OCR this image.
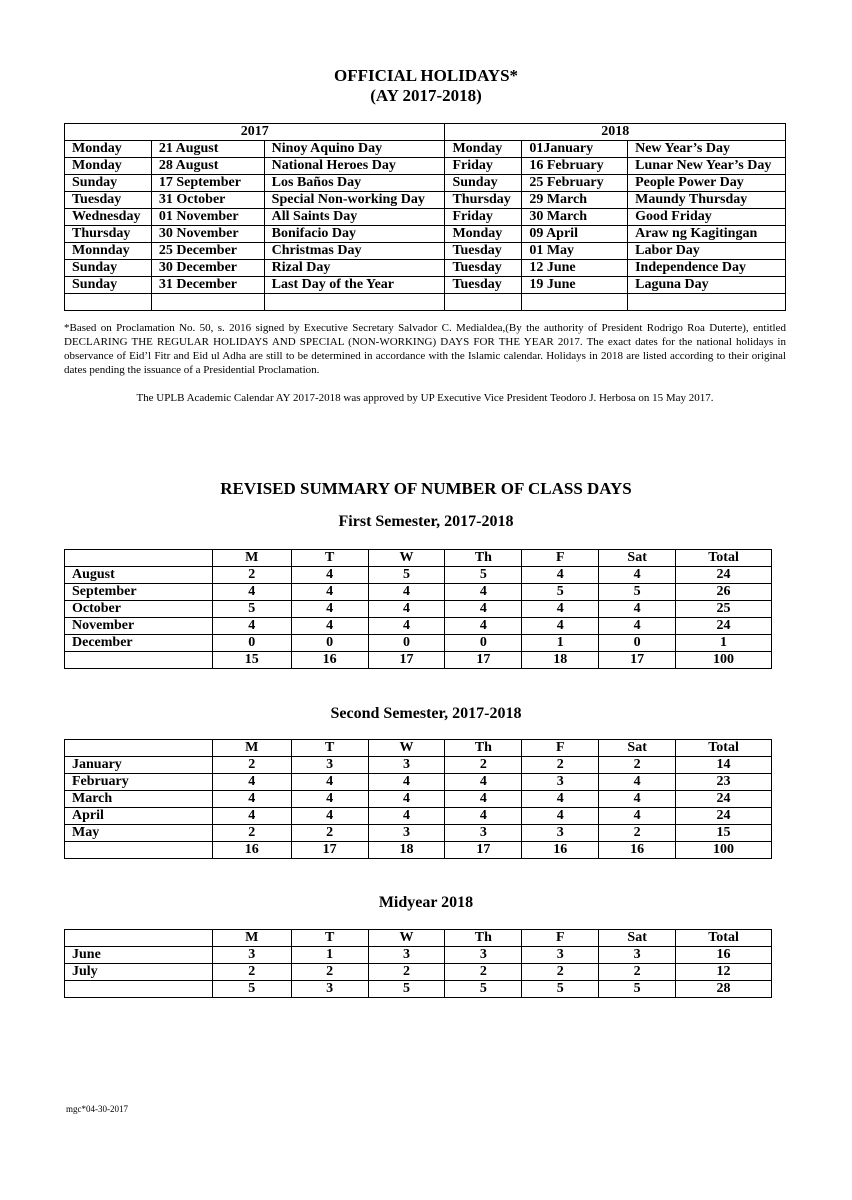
OFFICIAL HOLIDAYS*
(AY 2017-2018)
2017			2018		
Monday	21 August	Ninoy Aquino Day	Monday	01January	New Year’s Day
Monday	28 August	National Heroes Day	Friday	16 February	Lunar New Year’s Day
Sunday	17 September	Los Baños Day	Sunday	25 February	People Power Day
Tuesday	31 October	Special Non-working Day	Thursday	29 March	Maundy Thursday
Wednesday	01 November	All Saints Day	Friday	30 March	Good Friday
Thursday	30 November	Bonifacio Day	Monday	09 April	Araw ng Kagitingan
Monnday	25 December	Christmas Day	Tuesday	01 May	Labor Day
Sunday	30 December	Rizal Day	Tuesday	12 June	Independence Day
Sunday	31 December	Last Day of the Year	Tuesday	19 June	Laguna Day

*Based on Proclamation No. 50, s. 2016 signed by Executive Secretary Salvador C. Medialdea,(By the authority of President Rodrigo Roa Duterte), entitled DECLARING THE REGULAR HOLIDAYS AND SPECIAL (NON-WORKING) DAYS FOR THE YEAR 2017. The exact dates for the national holidays in observance of Eid’l Fitr and Eid ul Adha are still to be determined in accordance with the Islamic calendar. Holidays in 2018 are listed according to their original dates pending the issuance of a Presidential Proclamation.
The UPLB Academic Calendar AY 2017-2018 was approved by UP Executive Vice President Teodoro J. Herbosa on 15 May 2017.
REVISED SUMMARY OF NUMBER OF CLASS DAYS
First Semester, 2017-2018
	M	T	W	Th	F	Sat	Total
August	2	4	5	5	4	4	24
September	4	4	4	4	5	5	26
October	5	4	4	4	4	4	25
November	4	4	4	4	4	4	24
December	0	0	0	0	1	0	1
	15	16	17	17	18	17	100
Second Semester, 2017-2018
	M	T	W	Th	F	Sat	Total
January	2	3	3	2	2	2	14
February	4	4	4	4	3	4	23
March	4	4	4	4	4	4	24
April	4	4	4	4	4	4	24
May	2	2	3	3	3	2	15
	16	17	18	17	16	16	100
Midyear 2018
	M	T	W	Th	F	Sat	Total
June	3	1	3	3	3	3	16
July	2	2	2	2	2	2	12
	5	3	5	5	5	5	28
mgc*04-30-2017
